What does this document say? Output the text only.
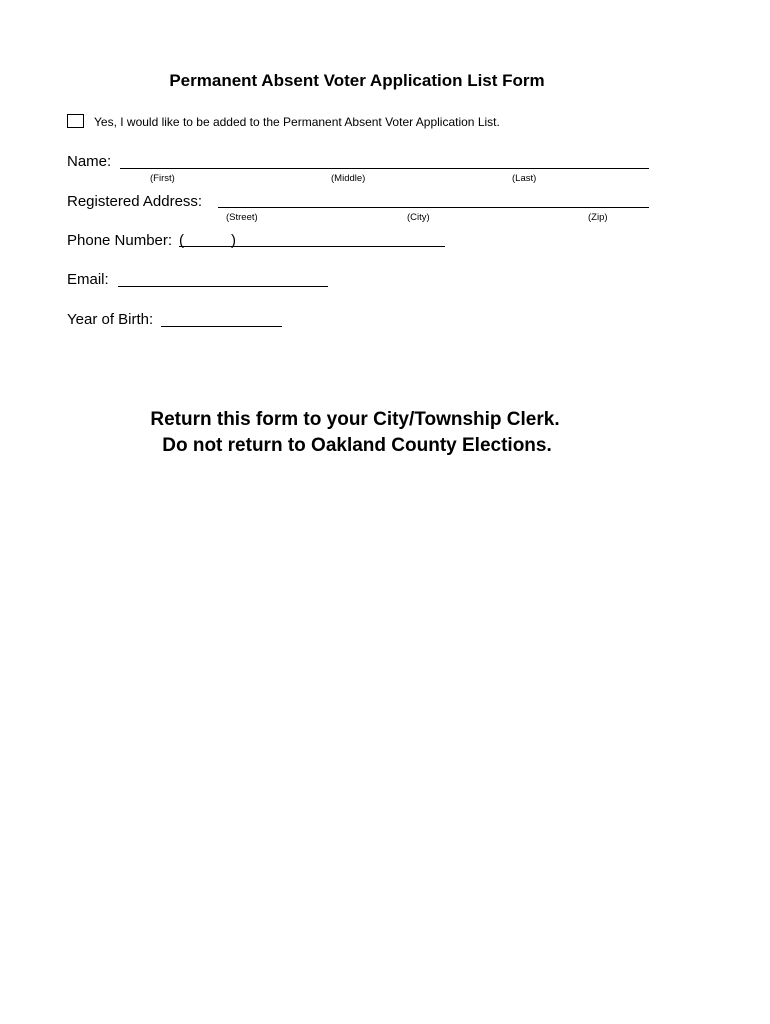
Permanent Absent Voter Application List Form
Yes, I would like to be added to the Permanent Absent Voter Application List.
Name:
(First)	(Middle)	(Last)
Registered Address:
(Street)	(City)	(Zip)
Phone Number: (	)
Email:
Year of Birth:
Return this form to your City/Township Clerk.
Do not return to Oakland County Elections.
